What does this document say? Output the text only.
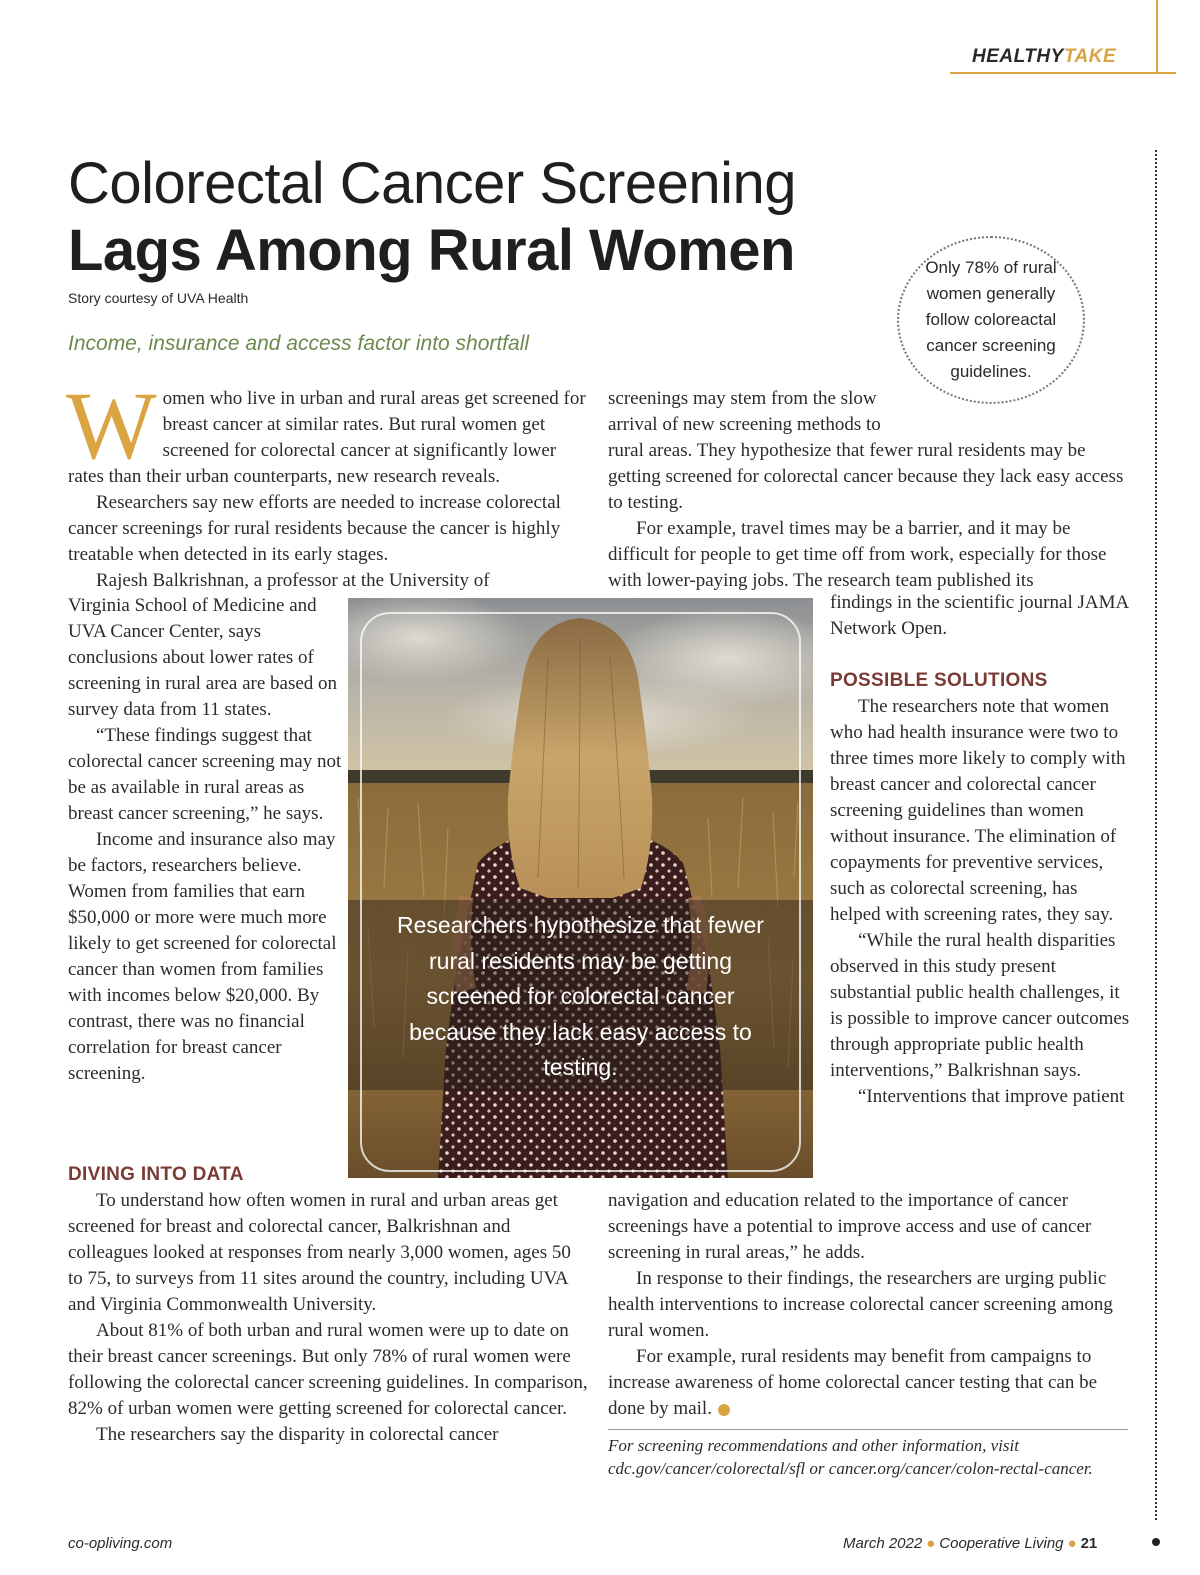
HEALTHYTAKE
Colorectal Cancer Screening
Lags Among Rural Women
Story courtesy of UVA Health
Income, insurance and access factor into shortfall
Only 78% of rural women generally follow coloreactal cancer screening guidelines.

Women who live in urban and rural areas get screened for breast cancer at similar rates. But rural women get screened for colorectal cancer at significantly lower rates than their urban counterparts, new research reveals.

Researchers say new efforts are needed to increase colorectal cancer screenings for rural residents because the cancer is highly treatable when detected in its early stages.

Rajesh Balkrishnan, a professor at the University of

Virginia School of Medicine and UVA Cancer Center, says conclusions about lower rates of screening in rural area are based on survey data from 11 states.

“These findings suggest that colorectal cancer screening may not be as available in rural areas as breast cancer screening,” he says.

Income and insurance also may be factors, researchers believe. Women from families that earn $50,000 or more were much more likely to get screened for colorectal cancer than women from families with incomes below $20,000. By contrast, there was no financial correlation for breast cancer screening.

DIVING INTO DATA

To understand how often women in rural and urban areas get screened for breast and colorectal cancer, Balkrishnan and colleagues looked at responses from nearly 3,000 women, ages 50 to 75, to surveys from 11 sites around the country, including UVA and Virginia Commonwealth University.

About 81% of both urban and rural women were up to date on their breast cancer screenings. But only 78% of rural women were following the colorectal cancer screening guidelines. In comparison, 82% of urban women were getting screened for colorectal cancer.

The researchers say the disparity in colorectal cancer

Researchers hypothesize that fewer rural residents may be getting screened for colorectal cancer because they lack easy access to testing.

screenings may stem from the slow arrival of new screening methods to rural areas. They hypothesize that fewer rural residents may be getting screened for colorectal cancer because they lack easy access to testing.

For example, travel times may be a barrier, and it may be difficult for people to get time off from work, especially for those with lower-paying jobs. The research team published its

findings in the scientific journal JAMA Network Open.

POSSIBLE SOLUTIONS

The researchers note that women who had health insurance were two to three times more likely to comply with breast cancer and colorectal cancer screening guidelines than women without insurance. The elimination of copayments for preventive services, such as colorectal screening, has helped with screening rates, they say.

“While the rural health disparities observed in this study present substantial public health challenges, it is possible to improve cancer outcomes through appropriate public health interventions,” Balkrishnan says.

“Interventions that improve patient

navigation and education related to the importance of cancer screenings have a potential to improve access and use of cancer screening in rural areas,” he adds.

In response to their findings, the researchers are urging public health interventions to increase colorectal cancer screening among rural women.

For example, rural residents may benefit from campaigns to increase awareness of home colorectal cancer testing that can be done by mail.

For screening recommendations and other information, visit cdc.gov/cancer/colorectal/sfl or cancer.org/cancer/colon-rectal-cancer.
co-opliving.com	March 2022 ● Cooperative Living ● 21
